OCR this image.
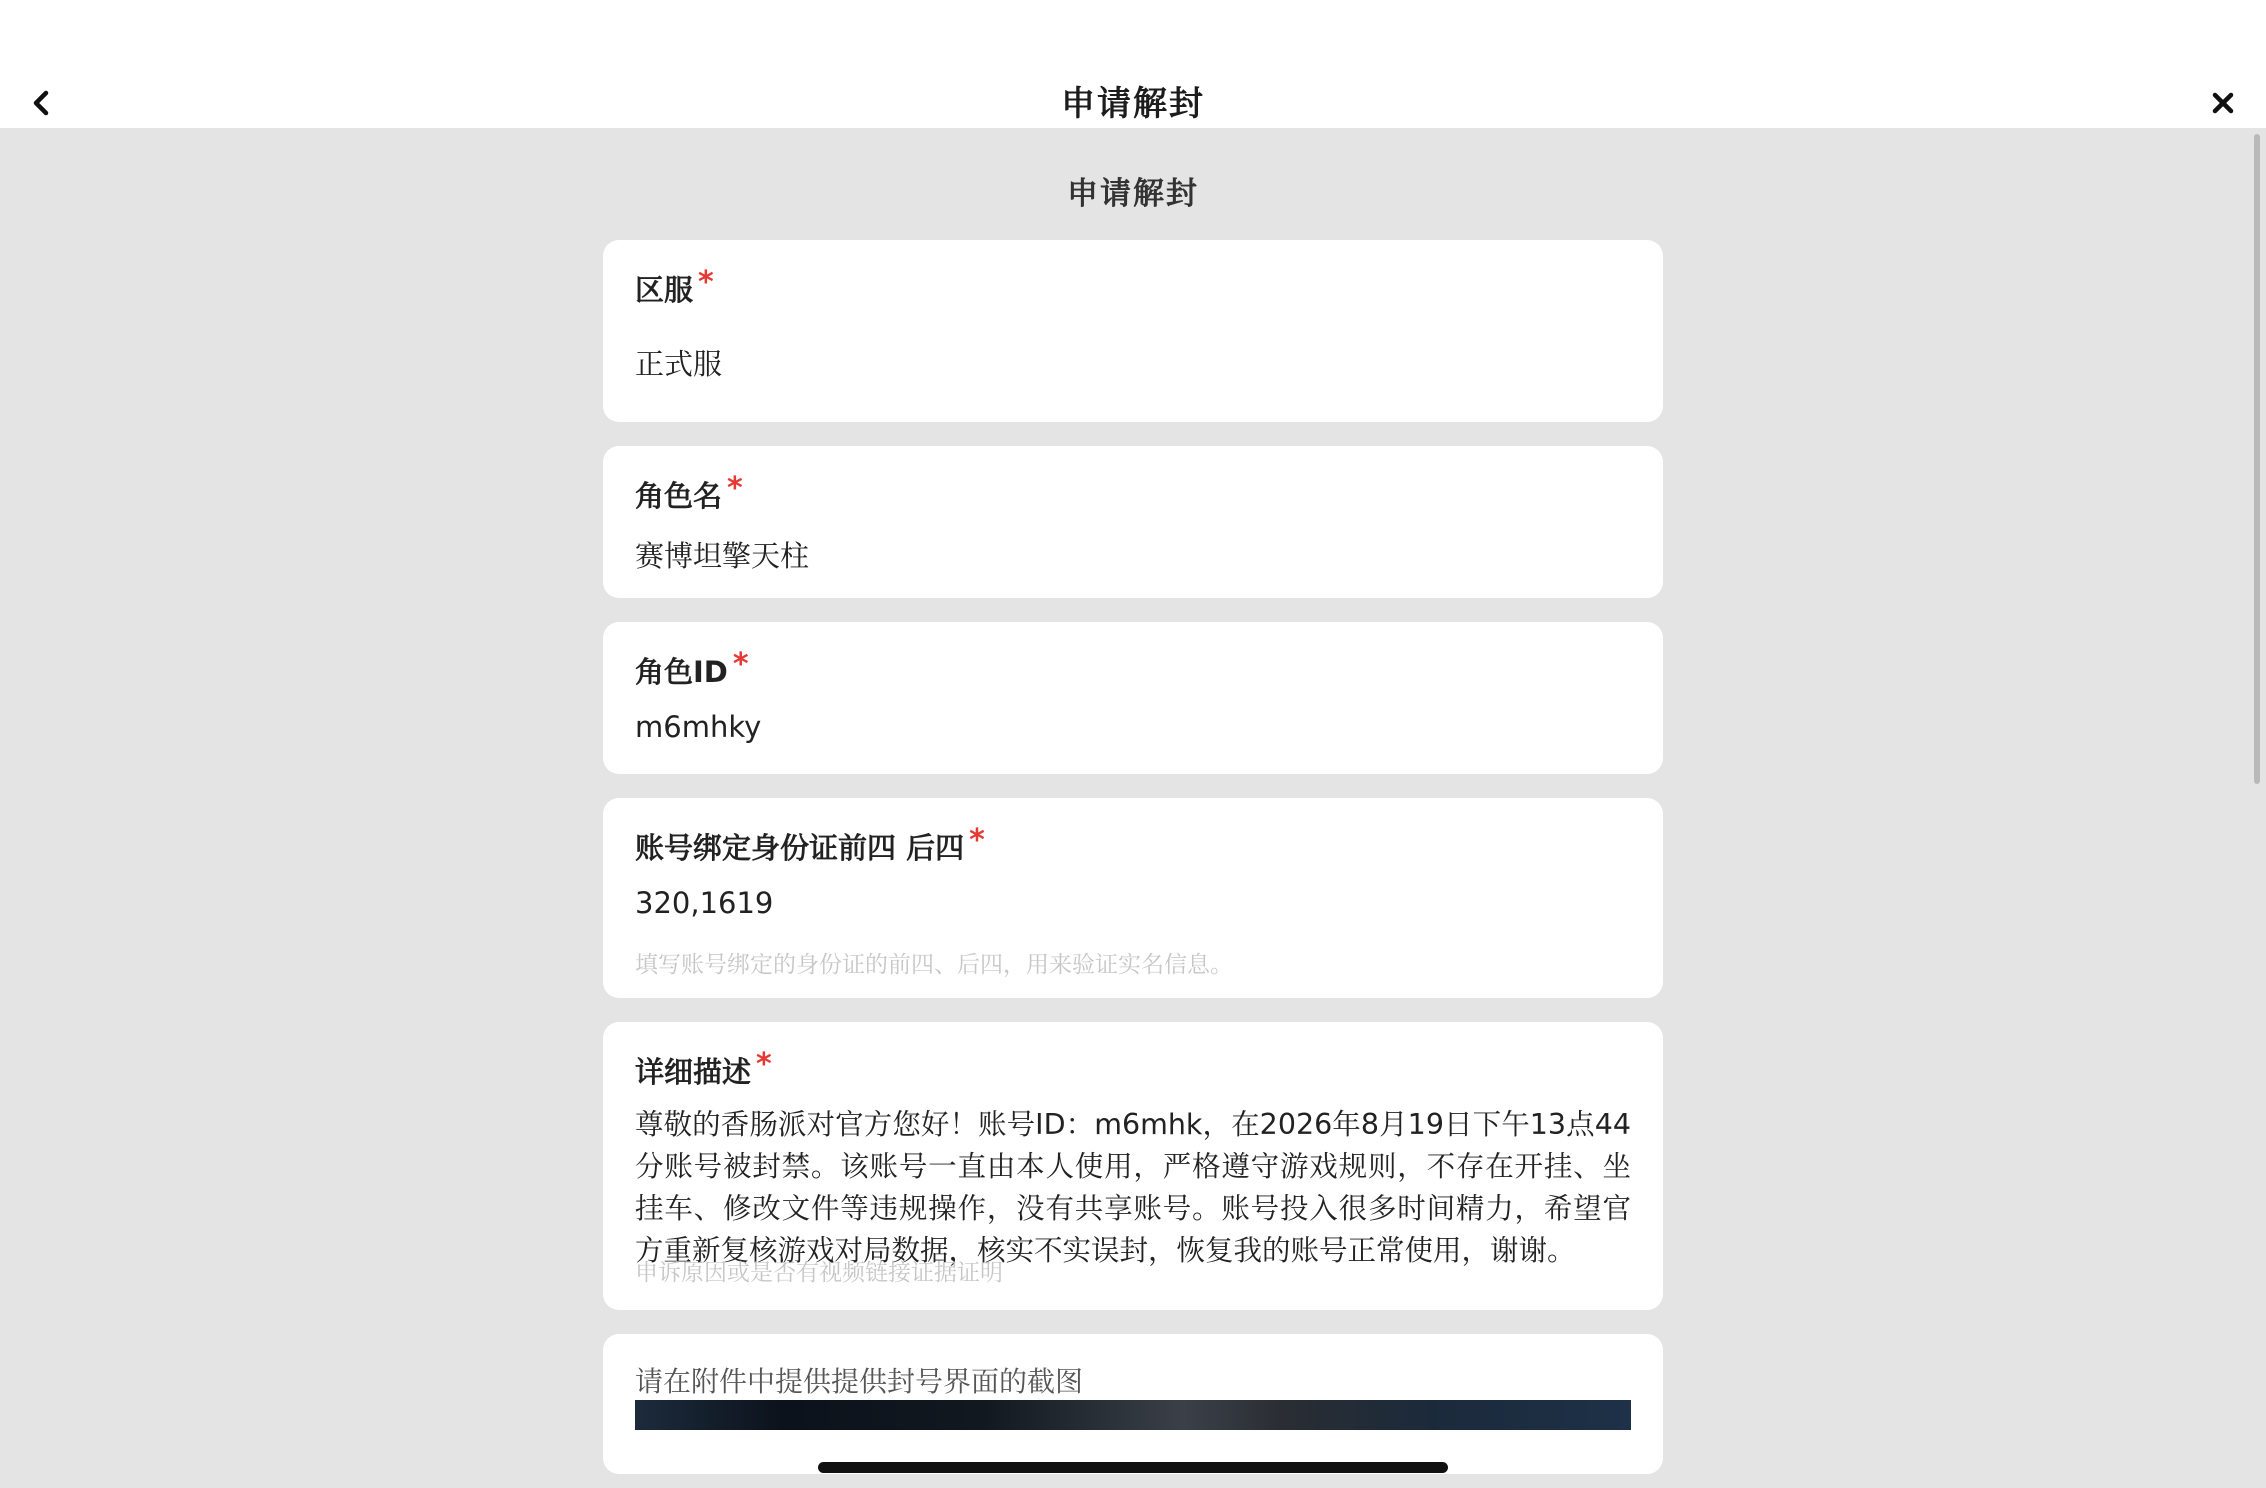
申请解封
申请解封
区服 *
正式服
角色名 *
赛博坦擎天柱
角色ID *
m6mhky
账号绑定身份证前四 后四 *
320,1619
填写账号绑定的身份证的前四、后四，用来验证实名信息。
详细描述 *
尊敬的香肠派对官方您好！账号ID：m6mhk，在2026年8月19日下午13点44分账号被封禁。该账号一直由本人使用，严格遵守游戏规则，不存在开挂、坐挂车、修改文件等违规操作，没有共享账号。账号投入很多时间精力，希望官方重新复核游戏对局数据，核实不实误封，恢复我的账号正常使用，谢谢。
申诉原因或是否有视频链接证据证明
请在附件中提供提供封号界面的截图
